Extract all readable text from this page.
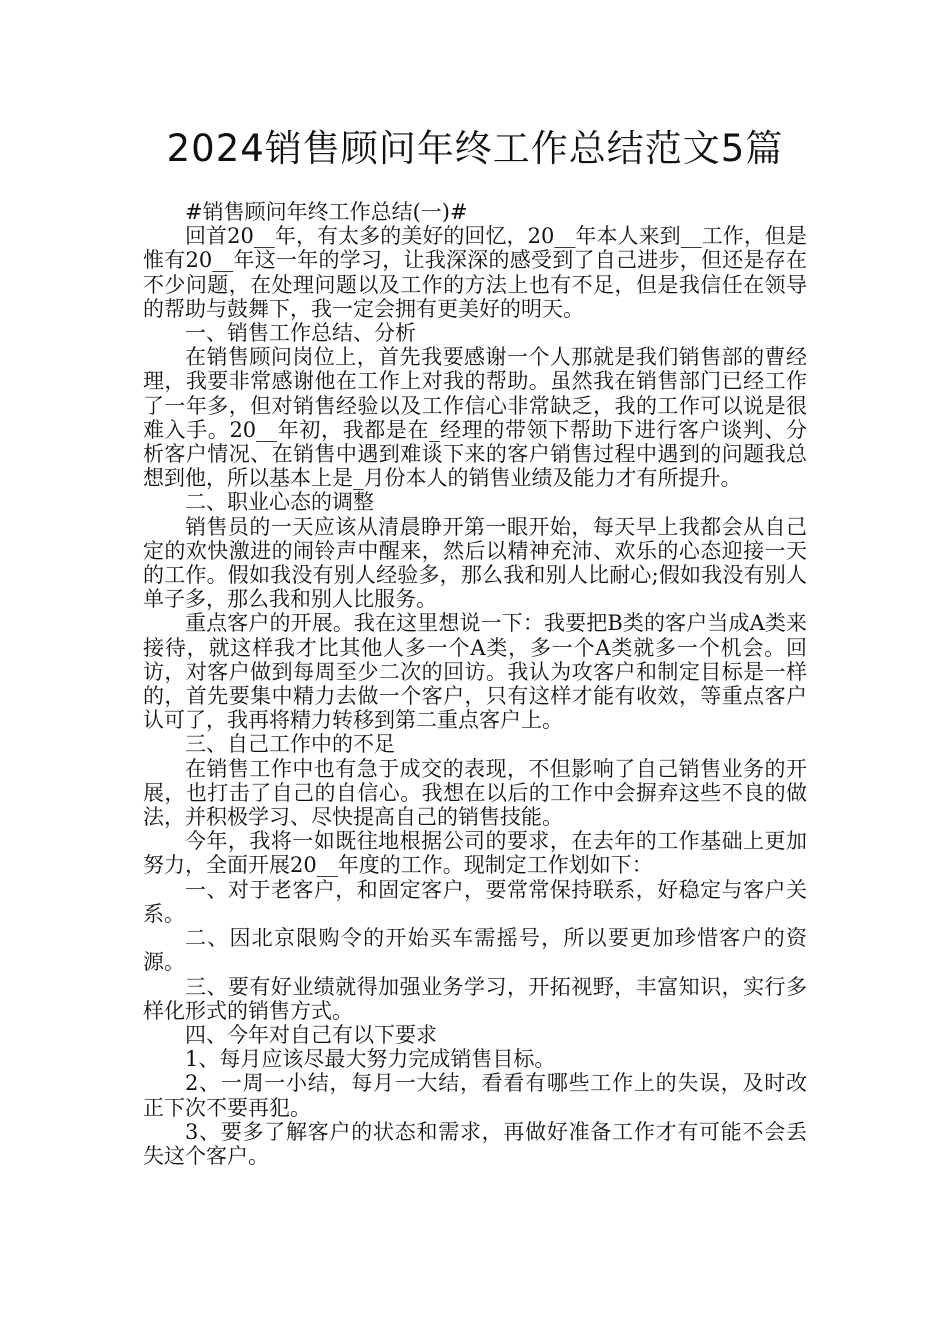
2024销售顾问年终工作总结范文5篇

#销售顾问年终工作总结(一)#

回首20__年，有太多的美好的回忆，20__年本人来到__工作，但是惟有20__年这一年的学习，让我深深的感受到了自己进步，但还是存在不少问题，在处理问题以及工作的方法上也有不足，但是我信任在领导的帮助与鼓舞下，我一定会拥有更美好的明天。

一、销售工作总结、分析

在销售顾问岗位上，首先我要感谢一个人那就是我们销售部的曹经理，我要非常感谢他在工作上对我的帮助。虽然我在销售部门已经工作了一年多，但对销售经验以及工作信心非常缺乏，我的工作可以说是很难入手。20__年初，我都是在_经理的带领下帮助下进行客户谈判、分析客户情况、在销售中遇到难谈下来的客户销售过程中遇到的问题我总想到他，所以基本上是_月份本人的销售业绩及能力才有所提升。

二、职业心态的调整

销售员的一天应该从清晨睁开第一眼开始，每天早上我都会从自己定的欢快激进的闹铃声中醒来，然后以精神充沛、欢乐的心态迎接一天的工作。假如我没有别人经验多，那么我和别人比耐心;假如我没有别人单子多，那么我和别人比服务。

重点客户的开展。我在这里想说一下：我要把B类的客户当成A类来接待，就这样我才比其他人多一个A类，多一个A类就多一个机会。回访，对客户做到每周至少二次的回访。我认为攻客户和制定目标是一样的，首先要集中精力去做一个客户，只有这样才能有收效，等重点客户认可了，我再将精力转移到第二重点客户上。

三、自己工作中的不足

在销售工作中也有急于成交的表现，不但影响了自己销售业务的开展，也打击了自己的自信心。我想在以后的工作中会摒弃这些不良的做法，并积极学习、尽快提高自己的销售技能。

今年，我将一如既往地根据公司的要求，在去年的工作基础上更加努力，全面开展20__年度的工作。现制定工作划如下：

一、对于老客户，和固定客户，要常常保持联系，好稳定与客户关系。

二、因北京限购令的开始买车需摇号，所以要更加珍惜客户的资源。

三、要有好业绩就得加强业务学习，开拓视野，丰富知识，实行多样化形式的销售方式。

四、今年对自己有以下要求

1、每月应该尽最大努力完成销售目标。

2、一周一小结，每月一大结，看看有哪些工作上的失误，及时改正下次不要再犯。

3、要多了解客户的状态和需求，再做好准备工作才有可能不会丢失这个客户。
